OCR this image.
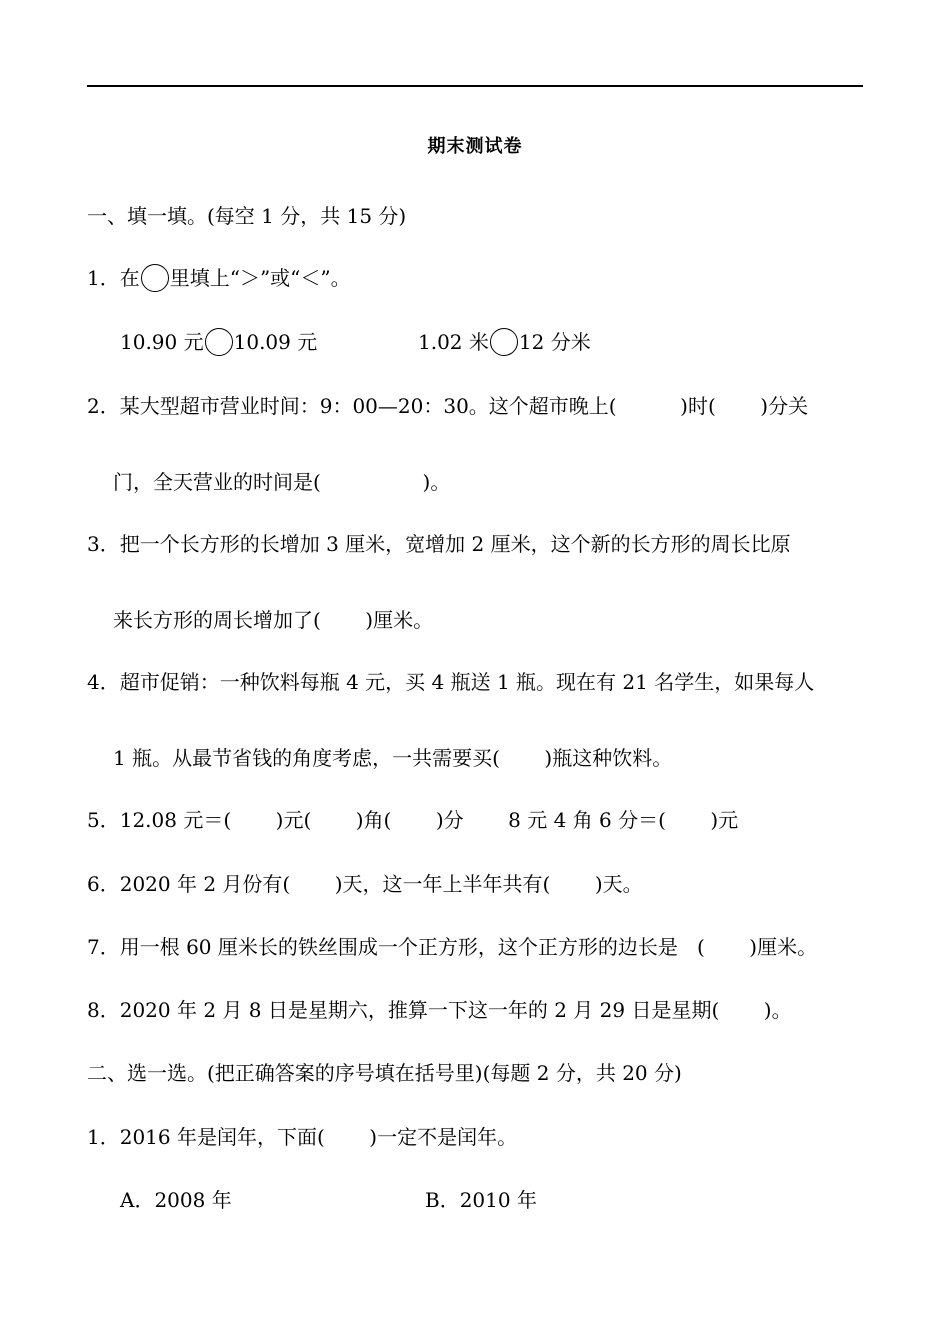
期末测试卷
一、填一填。(每空 1 分，共 15 分)
1．在 里填上“＞”或“＜”。
10.90 元 10.09 元	1.02 米 12 分米
2．某大型超市营业时间：9：00—20：30。这个超市晚上(          )时(       )分关
门，全天营业的时间是(                )。
3．把一个长方形的长增加 3 厘米，宽增加 2 厘米，这个新的长方形的周长比原
来长方形的周长增加了(       )厘米。
4．超市促销：一种饮料每瓶 4 元，买 4 瓶送 1 瓶。现在有 21 名学生，如果每人
1 瓶。从最节省钱的角度考虑，一共需要买(       )瓶这种饮料。
5．12.08 元＝(       )元(       )角(       )分       8 元 4 角 6 分＝(       )元
6．2020 年 2 月份有(       )天，这一年上半年共有(       )天。
7．用一根 60 厘米长的铁丝围成一个正方形，这个正方形的边长是   (       )厘米。
8．2020 年 2 月 8 日是星期六，推算一下这一年的 2 月 29 日是星期(       )。
二、选一选。(把正确答案的序号填在括号里)(每题 2 分，共 20 分)
1．2016 年是闰年，下面(       )一定不是闰年。
A．2008 年	B．2010 年
